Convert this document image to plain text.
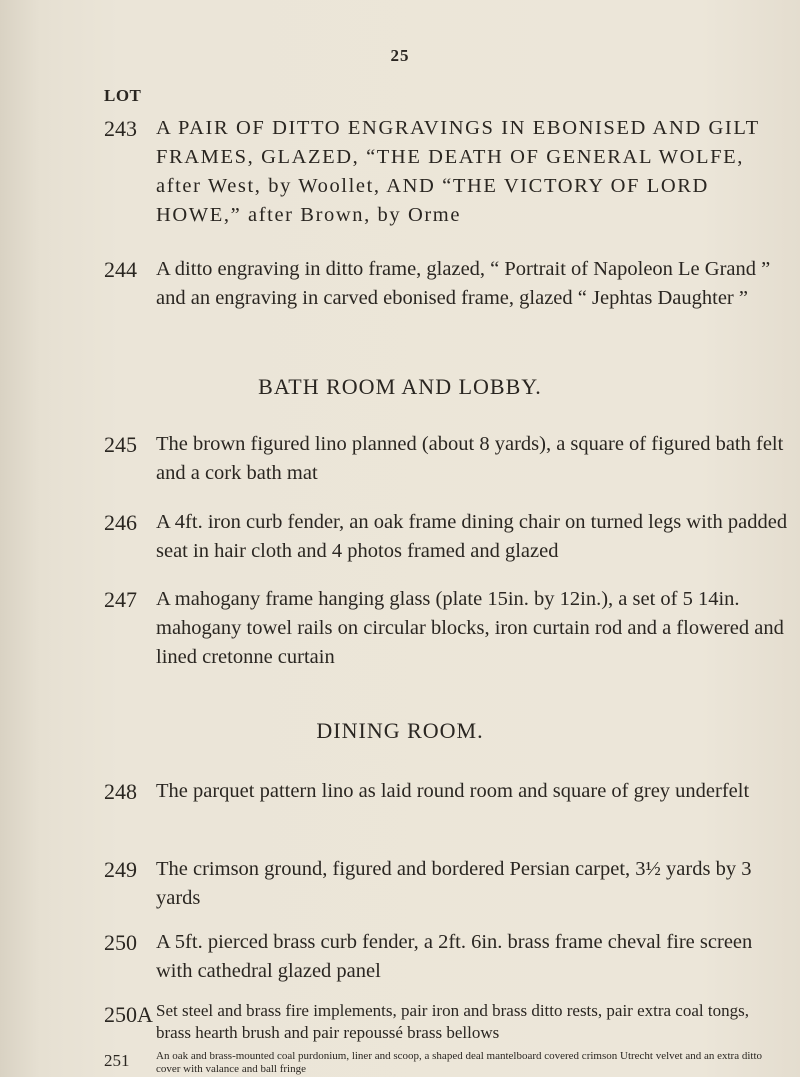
25
LOT
243 A PAIR OF DITTO ENGRAVINGS IN EBONISED AND GILT FRAMES, GLAZED, “THE DEATH OF GENERAL WOLFE, after West, by Woollet, AND “THE VICTORY OF LORD HOWE,” after Brown, by Orme
244 A ditto engraving in ditto frame, glazed, “ Portrait of Napoleon Le Grand ” and an engraving in carved ebonised frame, glazed “ Jephtas Daughter ”
BATH ROOM AND LOBBY.
245 The brown figured lino planned (about 8 yards), a square of figured bath felt and a cork bath mat
246 A 4ft. iron curb fender, an oak frame dining chair on turned legs with padded seat in hair cloth and 4 photos framed and glazed
247 A mahogany frame hanging glass (plate 15in. by 12in.), a set of 5 14in. mahogany towel rails on circular blocks, iron curtain rod and a flowered and lined cretonne curtain
DINING ROOM.
248 The parquet pattern lino as laid round room and square of grey underfelt
249 The crimson ground, figured and bordered Persian carpet, 3½ yards by 3 yards
250 A 5ft. pierced brass curb fender, a 2ft. 6in. brass frame cheval fire screen with cathedral glazed panel
250A Set steel and brass fire implements, pair iron and brass ditto rests, pair extra coal tongs, brass hearth brush and pair repoussé brass bellows
251	An oak and brass-mounted coal purdonium, liner and scoop, a shaped deal mantelboard covered crimson Utrecht velvet and an extra ditto cover with valance and ball fringe
